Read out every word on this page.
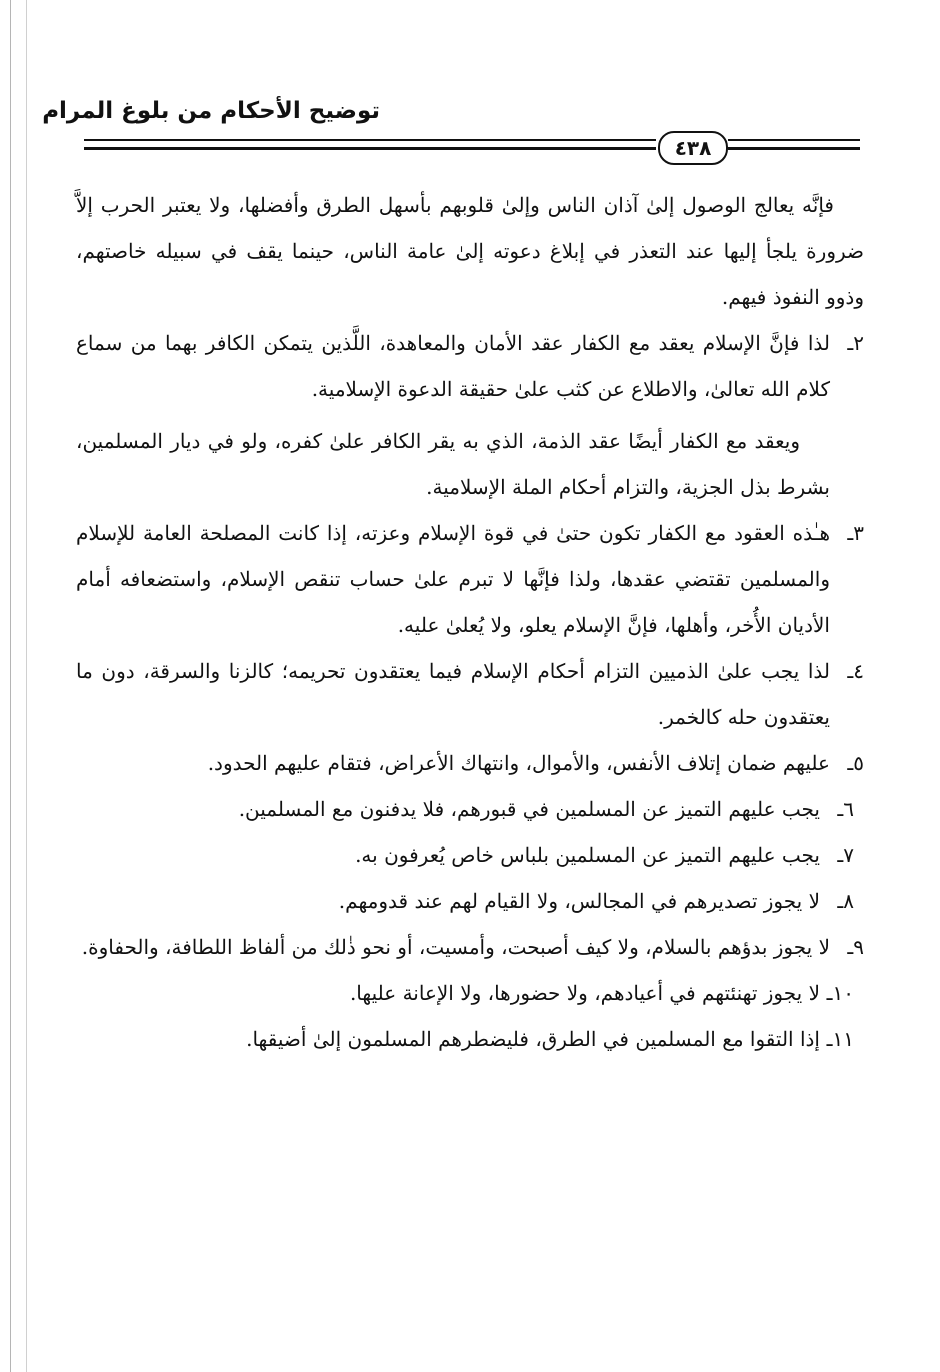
توضيح الأحكام من بلوغ المرام
٤٣٨

فإنَّه يعالج الوصول إلىٰ آذان الناس وإلىٰ قلوبهم بأسهل الطرق وأفضلها، ولا يعتبر الحرب إلاَّ ضرورة يلجأ إليها عند التعذر في إبلاغ دعوته إلىٰ عامة الناس، حينما يقف في سبيله خاصتهم، وذوو النفوذ فيهم.

٢ـ
لذا فإنَّ الإسلام يعقد مع الكفار عقد الأمان والمعاهدة، اللَّذين يتمكن الكافر بهما من سماع كلام الله تعالىٰ، والاطلاع عن كثب علىٰ حقيقة الدعوة الإسلامية.
ويعقد مع الكفار أيضًا عقد الذمة، الذي به يقر الكافر علىٰ كفره، ولو في ديار المسلمين، بشرط بذل الجزية، والتزام أحكام الملة الإسلامية.
٣ـ
هـٰذه العقود مع الكفار تكون حتىٰ في قوة الإسلام وعزته، إذا كانت المصلحة العامة للإسلام والمسلمين تقتضي عقدها، ولذا فإنَّها لا تبرم علىٰ حساب تنقص الإسلام، واستضعافه أمام الأديان الأُخر، وأهلها، فإنَّ الإسلام يعلو، ولا يُعلىٰ عليه.
٤ـ
لذا يجب علىٰ الذميين التزام أحكام الإسلام فيما يعتقدون تحريمه؛ كالزنا والسرقة، دون ما يعتقدون حله كالخمر.
٥ـ
عليهم ضمان إتلاف الأنفس، والأموال، وانتهاك الأعراض، فتقام عليهم الحدود.
٦ـ
يجب عليهم التميز عن المسلمين في قبورهم، فلا يدفنون مع المسلمين.
٧ـ
يجب عليهم التميز عن المسلمين بلباس خاص يُعرفون به.
٨ـ
لا يجوز تصديرهم في المجالس، ولا القيام لهم عند قدومهم.
٩ـ
لا يجوز بدؤهم بالسلام، ولا كيف أصبحت، وأمسيت، أو نحو ذٰلك من ألفاظ اللطافة، والحفاوة.
١٠ـ
لا يجوز تهنئتهم في أعيادهم، ولا حضورها، ولا الإعانة عليها.
١١ـ
إذا التقوا مع المسلمين في الطرق، فليضطرهم المسلمون إلىٰ أضيقها.
